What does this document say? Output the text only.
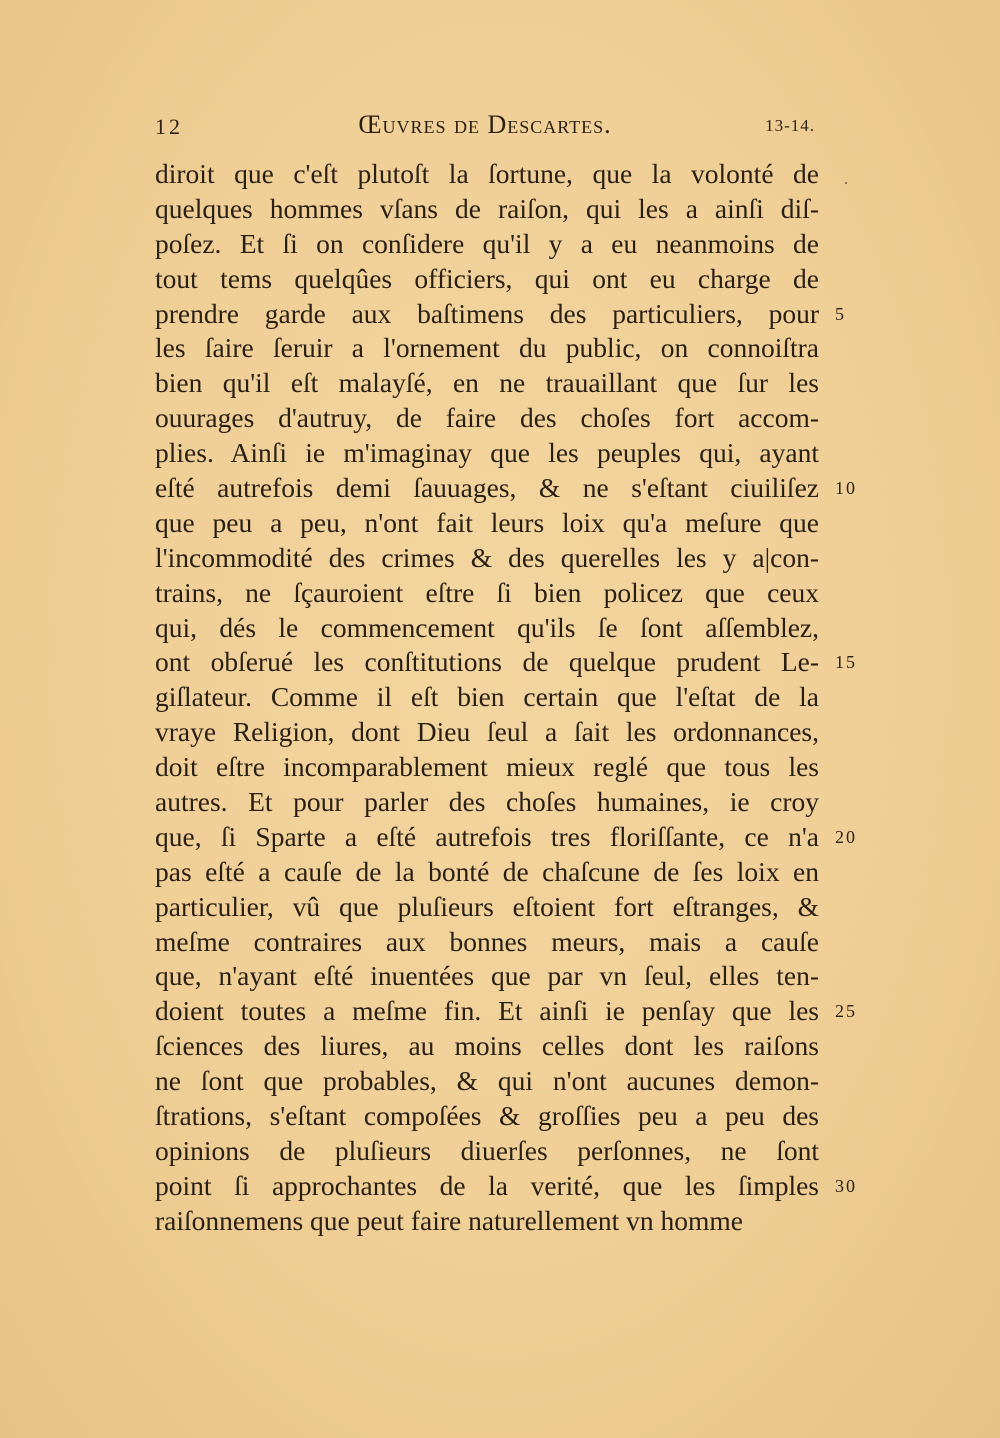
12	Œuvres de Descartes.	13-14.
diroit que c'eſt plutoſt la ſortune, que la volonté de
quelques hommes vſans de raiſon, qui les a ainſi diſ-
poſez. Et ſi on conſidere qu'il y a eu neanmoins de
tout tems quelqûes officiers, qui ont eu charge de
prendre garde aux baſtimens des particuliers, pour 5
les ſaire ſeruir a l'ornement du public, on connoiſtra
bien qu'il eſt malayſé, en ne trauaillant que ſur les
ouurages d'autruy, de faire des choſes fort accom-
plies. Ainſi ie m'imaginay que les peuples qui, ayant
eſté autrefois demi ſauuages, & ne s'eſtant ciuiliſez 10
que peu a peu, n'ont fait leurs loix qu'a meſure que
l'incommodité des crimes & des querelles les y a|con-
trains, ne ſçauroient eſtre ſi bien policez que ceux
qui, dés le commencement qu'ils ſe ſont aſſemblez,
ont obſerué les conſtitutions de quelque prudent Le- 15
giſlateur. Comme il eſt bien certain que l'eſtat de la
vraye Religion, dont Dieu ſeul a ſait les ordonnances,
doit eſtre incomparablement mieux reglé que tous les
autres. Et pour parler des choſes humaines, ie croy
que, ſi Sparte a eſté autrefois tres floriſſante, ce n'a 20
pas eſté a cauſe de la bonté de chaſcune de ſes loix en
particulier, vû que pluſieurs eſtoient fort eſtranges, &
meſme contraires aux bonnes meurs, mais a cauſe
que, n'ayant eſté inuentées que par vn ſeul, elles ten-
doient toutes a meſme fin. Et ainſi ie penſay que les 25
ſciences des liures, au moins celles dont les raiſons
ne ſont que probables, & qui n'ont aucunes demon-
ſtrations, s'eſtant compoſées & groſſies peu a peu des
opinions de pluſieurs diuerſes perſonnes, ne ſont
point ſi approchantes de la verité, que les ſimples 30
raiſonnemens que peut faire naturellement vn homme
